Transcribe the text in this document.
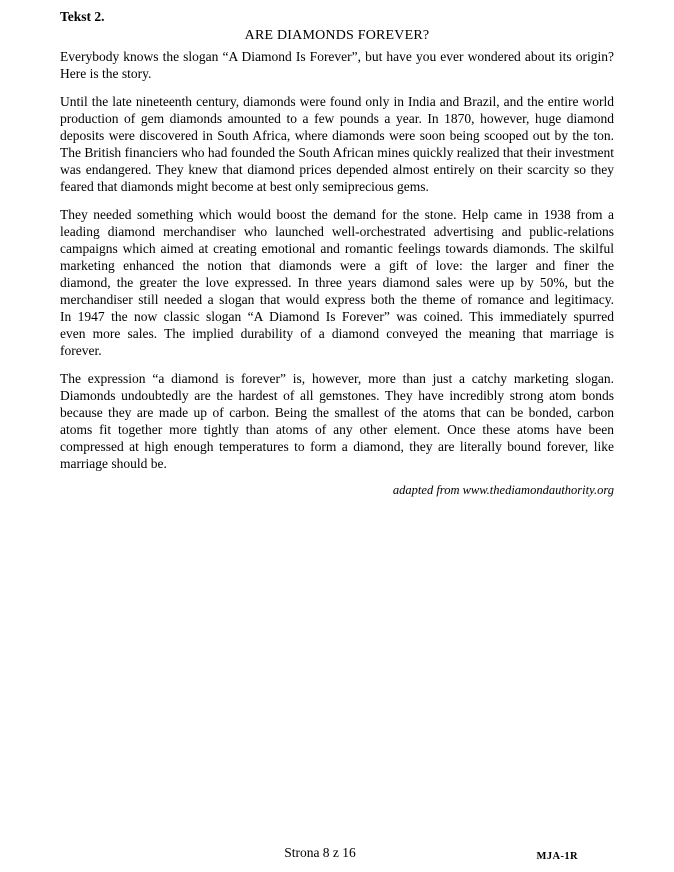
Tekst 2.
ARE DIAMONDS FOREVER?

Everybody knows the slogan “A Diamond Is Forever”, but have you ever wondered about its origin? Here is the story.

Until the late nineteenth century, diamonds were found only in India and Brazil, and the entire world production of gem diamonds amounted to a few pounds a year. In 1870, however, huge diamond deposits were discovered in South Africa, where diamonds were soon being scooped out by the ton. The British financiers who had founded the South African mines quickly realized that their investment was endangered. They knew that diamond prices depended almost entirely on their scarcity so they feared that diamonds might become at best only semiprecious gems.

They needed something which would boost the demand for the stone. Help came in 1938 from a leading diamond merchandiser who launched well-orchestrated advertising and public-relations campaigns which aimed at creating emotional and romantic feelings towards diamonds. The skilful marketing enhanced the notion that diamonds were a gift of love: the larger and finer the diamond, the greater the love expressed. In three years diamond sales were up by 50%, but the merchandiser still needed a slogan that would express both the theme of romance and legitimacy. In 1947 the now classic slogan “A Diamond Is Forever” was coined. This immediately spurred even more sales. The implied durability of a diamond conveyed the meaning that marriage is forever.

The expression “a diamond is forever” is, however, more than just a catchy marketing slogan. Diamonds undoubtedly are the hardest of all gemstones. They have incredibly strong atom bonds because they are made up of carbon. Being the smallest of the atoms that can be bonded, carbon atoms fit together more tightly than atoms of any other element. Once these atoms have been compressed at high enough temperatures to form a diamond, they are literally bound forever, like marriage should be.

adapted from www.thediamondauthority.org
Strona 8 z 16	MJA-1R
